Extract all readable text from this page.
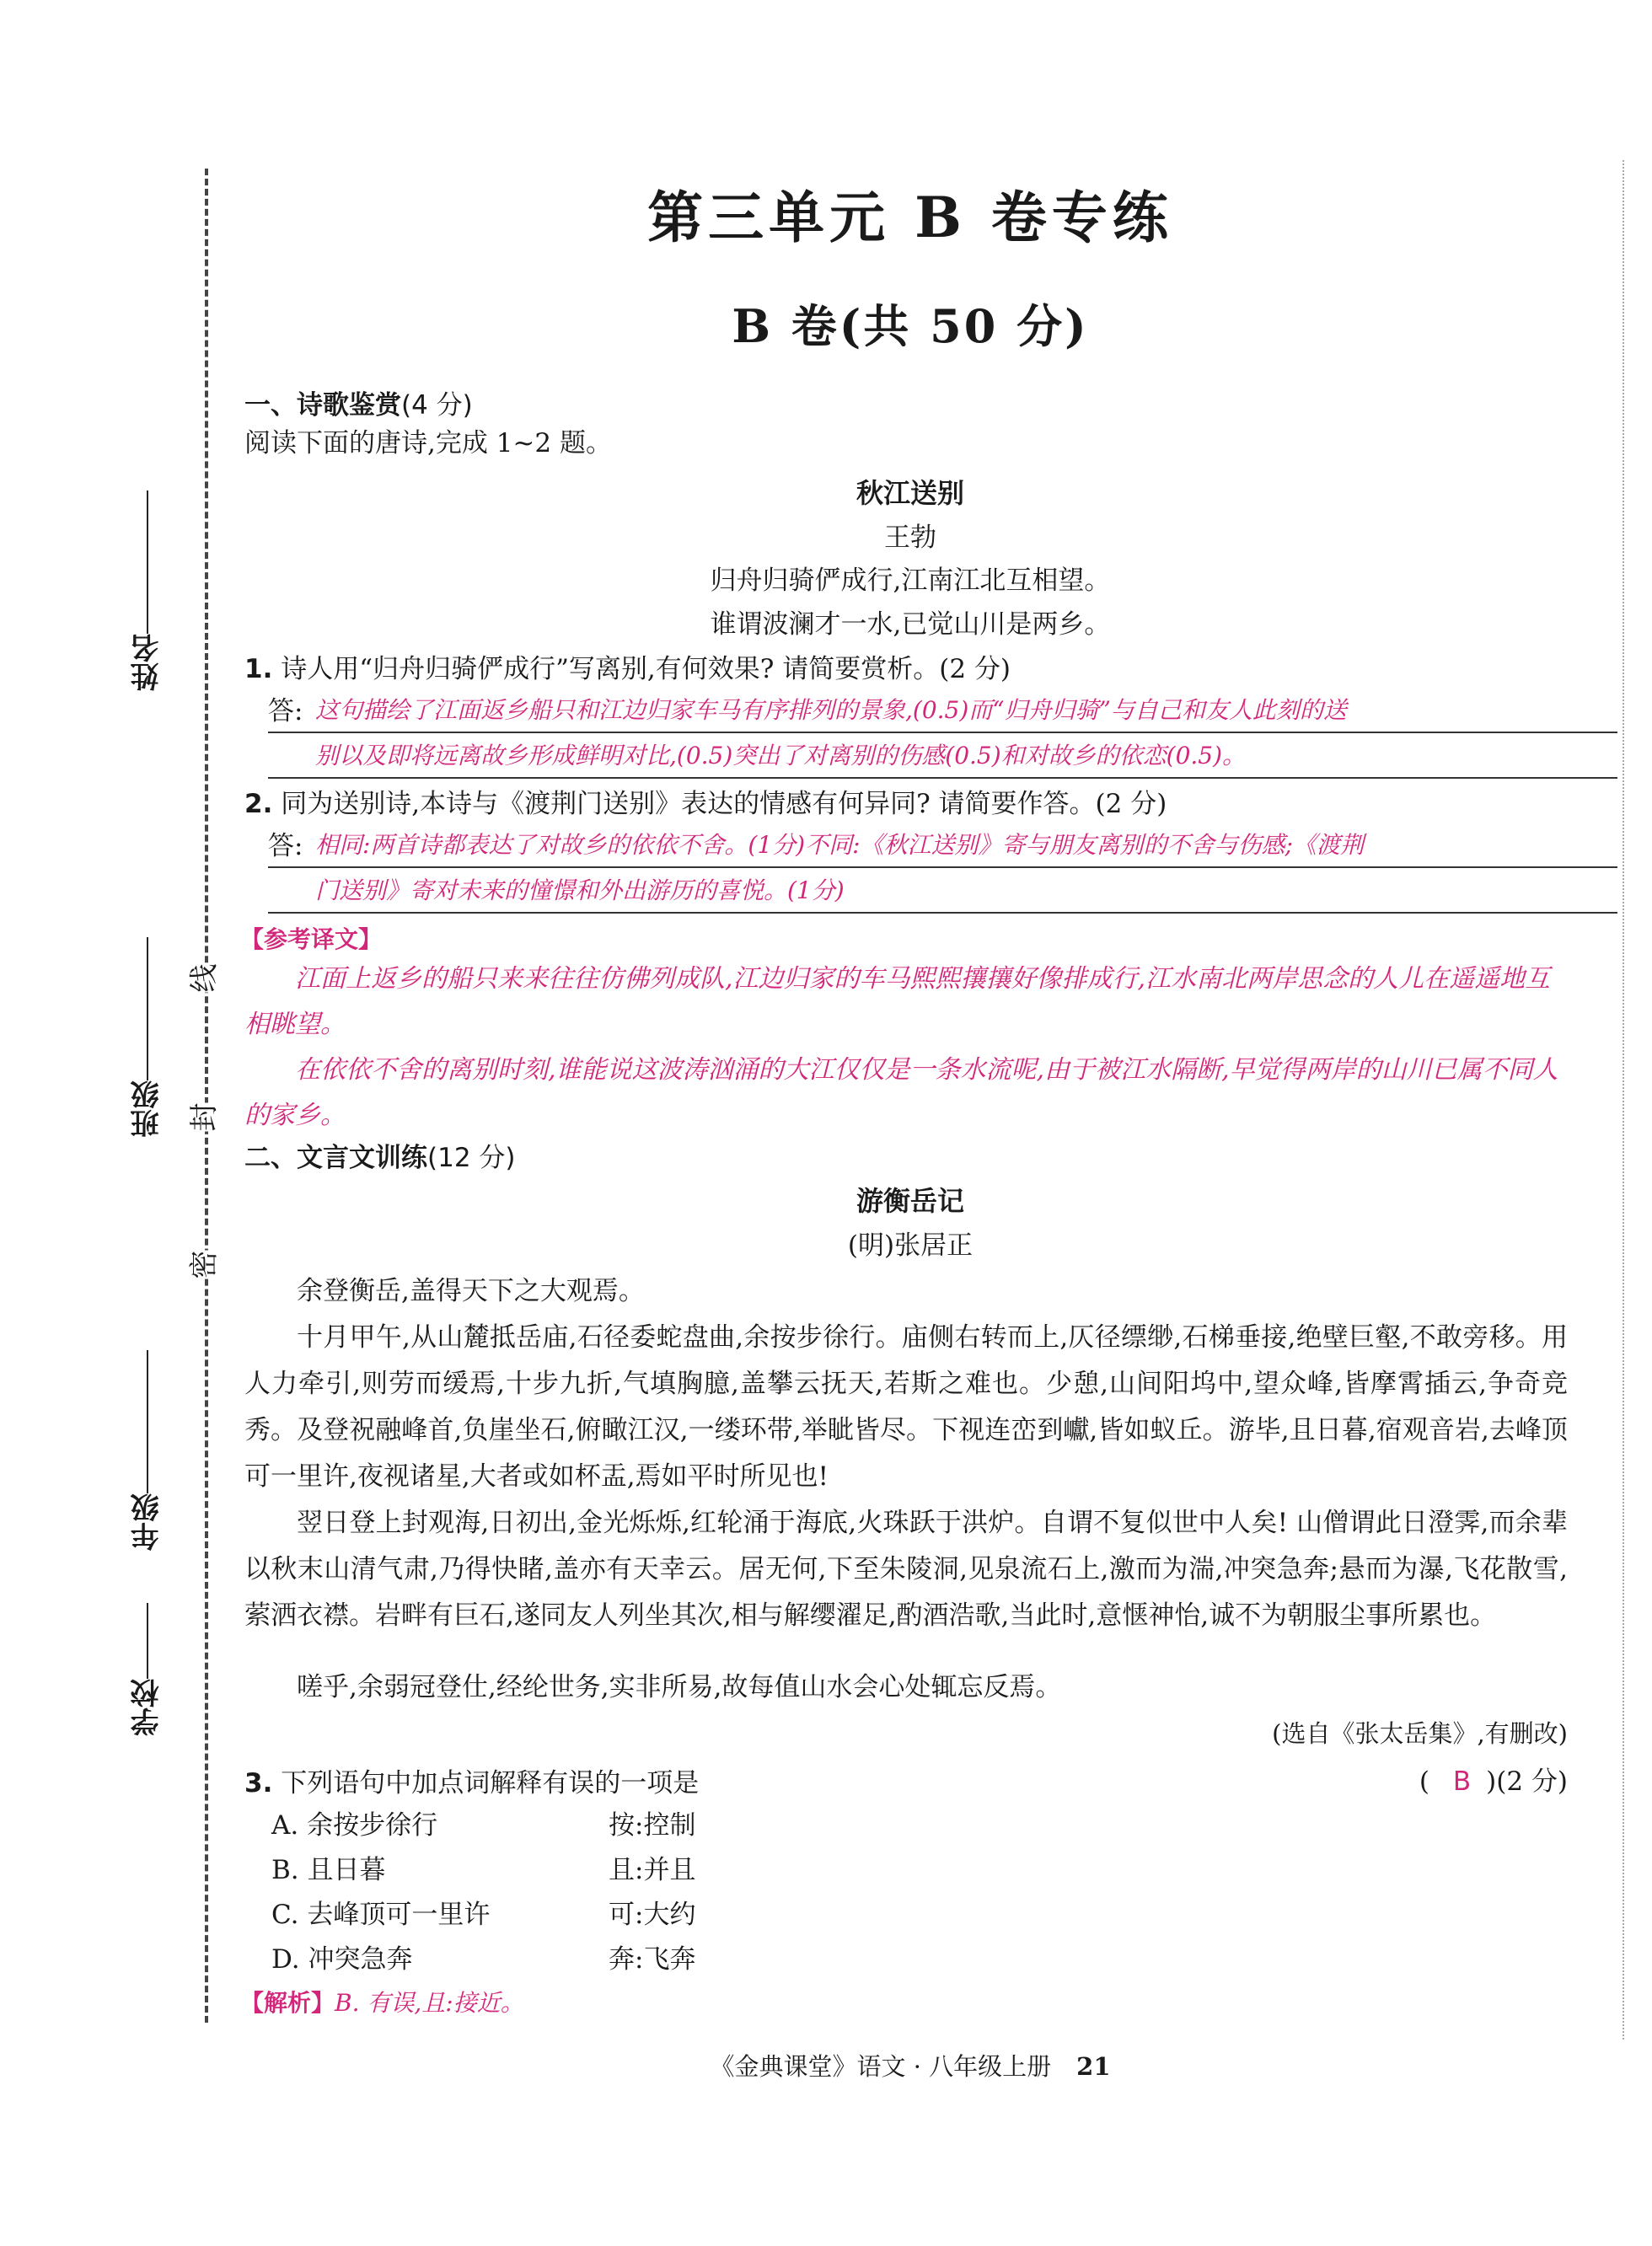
姓名
班级
年级
学校
线
封
密
第三单元 B 卷专练
B 卷(共 50 分)
一、诗歌鉴赏(4 分)
阅读下面的唐诗,完成 1~2 题。
秋江送别
王勃
归舟归骑俨成行,江南江北互相望。
谁谓波澜才一水,已觉山川是两乡。
1. 诗人用“归舟归骑俨成行”写离别,有何效果? 请简要赏析。(2 分)
答: 这句描绘了江面返乡船只和江边归家车马有序排列的景象,(0.5)而“归舟归骑”与自己和友人此刻的送
别以及即将远离故乡形成鲜明对比,(0.5)突出了对离别的伤感(0.5)和对故乡的依恋(0.5)。
2. 同为送别诗,本诗与《渡荆门送别》表达的情感有何异同? 请简要作答。(2 分)
答: 相同:两首诗都表达了对故乡的依依不舍。(1分)不同:《秋江送别》寄与朋友离别的不舍与伤感;《渡荆
门送别》寄对未来的憧憬和外出游历的喜悦。(1分)
【参考译文】
江面上返乡的船只来来往往仿佛列成队,江边归家的车马熙熙攘攘好像排成行,江水南北两岸思念的人儿在遥遥地互相眺望。
在依依不舍的离别时刻,谁能说这波涛汹涌的大江仅仅是一条水流呢,由于被江水隔断,早觉得两岸的山川已属不同人的家乡。
二、文言文训练(12 分)
游衡岳记
(明)张居正
余登衡岳,盖得天下之大观焉。
十月甲午,从山麓抵岳庙,石径委蛇盘曲,余按步徐行。庙侧右转而上,仄径缥缈,石梯垂接,绝壁巨壑,不敢旁移。用人力牵引,则劳而缓焉,十步九折,气填胸臆,盖攀云抚天,若斯之难也。少憩,山间阳坞中,望众峰,皆摩霄插云,争奇竞秀。及登祝融峰首,负崖坐石,俯瞰江汉,一缕环带,举眦皆尽。下视连峦到巘,皆如蚁丘。游毕,且日暮,宿观音岩,去峰顶可一里许,夜视诸星,大者或如杯盂,焉如平时所见也!
翌日登上封观海,日初出,金光烁烁,红轮涌于海底,火珠跃于洪炉。自谓不复似世中人矣! 山僧谓此日澄霁,而余辈以秋末山清气肃,乃得快睹,盖亦有天幸云。居无何,下至朱陵洞,见泉流石上,激而为湍,冲突急奔;悬而为瀑,飞花散雪,萦洒衣襟。岩畔有巨石,遂同友人列坐其次,相与解缨濯足,酌酒浩歌,当此时,意惬神怡,诚不为朝服尘事所累也。
嗟乎,余弱冠登仕,经纶世务,实非所易,故每值山水会心处辄忘反焉。
(选自《张太岳集》,有删改)
3. 下列语句中加点词解释有误的一项是	( B )(2 分)
A. 余按步徐行	按:控制
B. 且日暮	且:并且
C. 去峰顶可一里许	可:大约
D. 冲突急奔	奔:飞奔
【解析】B. 有误,且:接近。
《金典课堂》语文 · 八年级上册 21
